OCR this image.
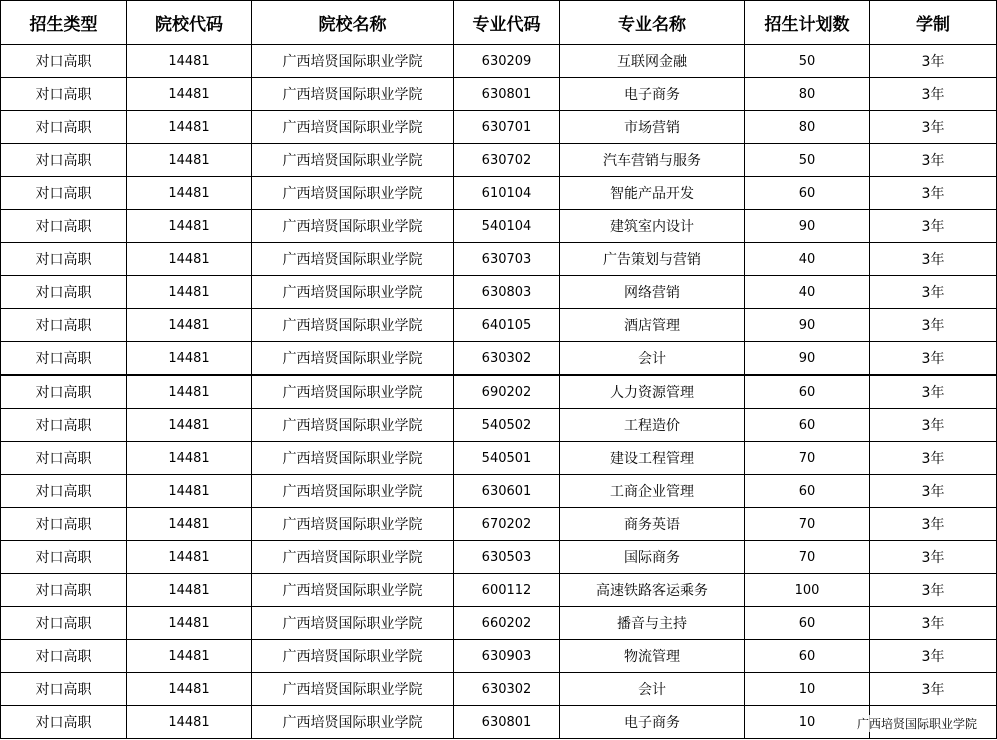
招生类型	院校代码	院校名称	专业代码	专业名称	招生计划数	学制
对口高职	14481	广西培贤国际职业学院	630209	互联网金融	50	3年
对口高职	14481	广西培贤国际职业学院	630801	电子商务	80	3年
对口高职	14481	广西培贤国际职业学院	630701	市场营销	80	3年
对口高职	14481	广西培贤国际职业学院	630702	汽车营销与服务	50	3年
对口高职	14481	广西培贤国际职业学院	610104	智能产品开发	60	3年
对口高职	14481	广西培贤国际职业学院	540104	建筑室内设计	90	3年
对口高职	14481	广西培贤国际职业学院	630703	广告策划与营销	40	3年
对口高职	14481	广西培贤国际职业学院	630803	网络营销	40	3年
对口高职	14481	广西培贤国际职业学院	640105	酒店管理	90	3年
对口高职	14481	广西培贤国际职业学院	630302	会计	90	3年
对口高职	14481	广西培贤国际职业学院	690202	人力资源管理	60	3年
对口高职	14481	广西培贤国际职业学院	540502	工程造价	60	3年
对口高职	14481	广西培贤国际职业学院	540501	建设工程管理	70	3年
对口高职	14481	广西培贤国际职业学院	630601	工商企业管理	60	3年
对口高职	14481	广西培贤国际职业学院	670202	商务英语	70	3年
对口高职	14481	广西培贤国际职业学院	630503	国际商务	70	3年
对口高职	14481	广西培贤国际职业学院	600112	高速铁路客运乘务	100	3年
对口高职	14481	广西培贤国际职业学院	660202	播音与主持	60	3年
对口高职	14481	广西培贤国际职业学院	630903	物流管理	60	3年
对口高职	14481	广西培贤国际职业学院	630302	会计	10	3年
对口高职	14481	广西培贤国际职业学院	630801	电子商务	10		广西培贤国际职业学院
